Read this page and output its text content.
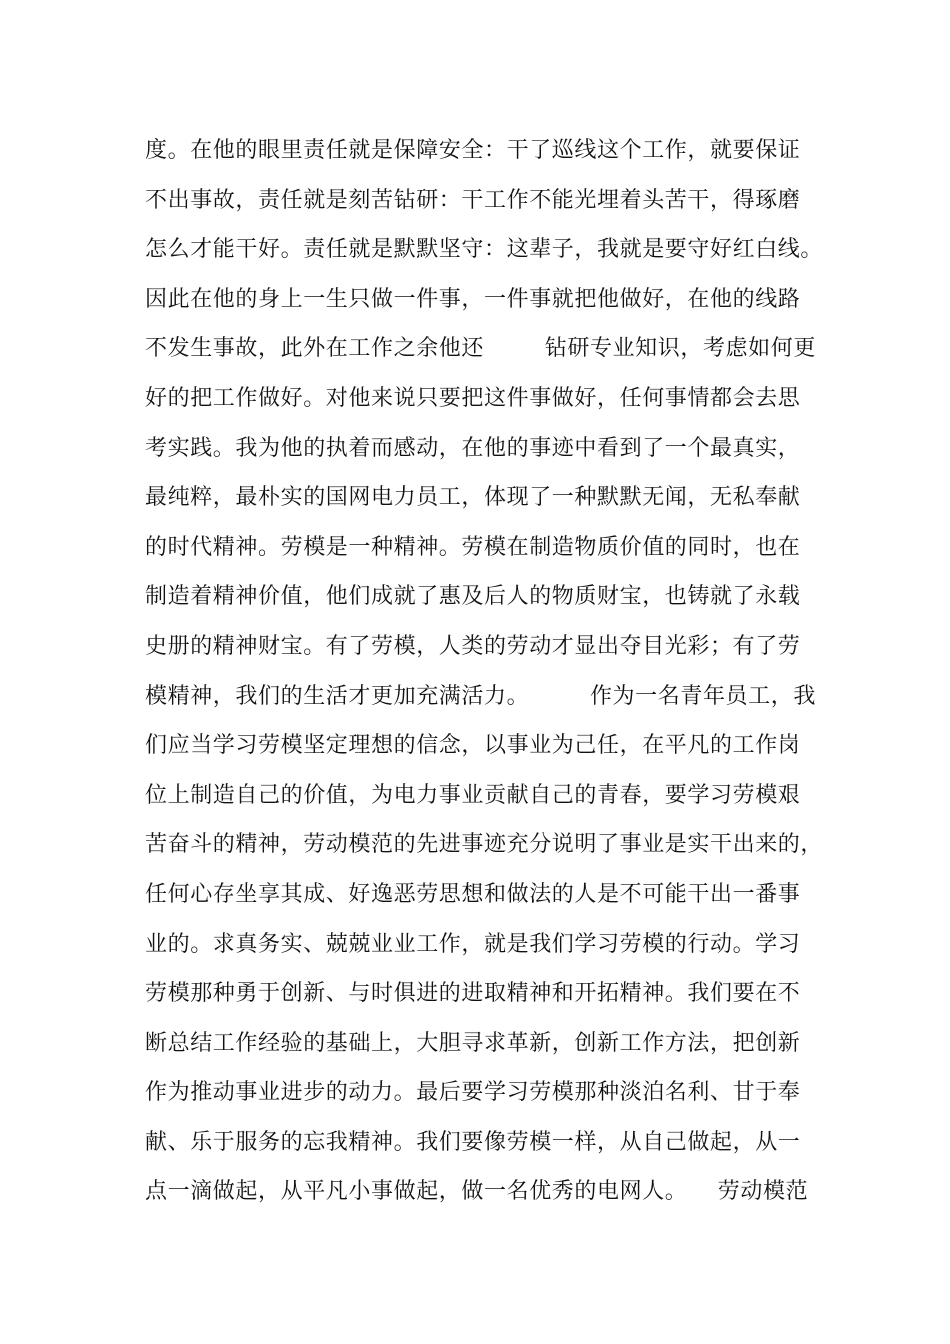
度。在他的眼里责任就是保障安全：干了巡线这个工作，就要保证
不出事故，责任就是刻苦钻研：干工作不能光埋着头苦干，得琢磨
怎么才能干好。责任就是默默坚守：这辈子，我就是要守好红白线。
因此在他的身上一生只做一件事，一件事就把他做好，在他的线路
不发生事故，此外在工作之余他还        钻研专业知识，考虑如何更
好的把工作做好。对他来说只要把这件事做好，任何事情都会去思
考实践。我为他的执着而感动，在他的事迹中看到了一个最真实，
最纯粹，最朴实的国网电力员工，体现了一种默默无闻，无私奉献
的时代精神。劳模是一种精神。劳模在制造物质价值的同时，也在
制造着精神价值，他们成就了惠及后人的物质财宝，也铸就了永载
史册的精神财宝。有了劳模，人类的劳动才显出夺目光彩；有了劳
模精神，我们的生活才更加充满活力。        作为一名青年员工，我
们应当学习劳模坚定理想的信念，以事业为己任，在平凡的工作岗
位上制造自己的价值，为电力事业贡献自己的青春，要学习劳模艰
苦奋斗的精神，劳动模范的先进事迹充分说明了事业是实干出来的，
任何心存坐享其成、好逸恶劳思想和做法的人是不可能干出一番事
业的。求真务实、兢兢业业工作，就是我们学习劳模的行动。学习
劳模那种勇于创新、与时俱进的进取精神和开拓精神。我们要在不
断总结工作经验的基础上，大胆寻求革新，创新工作方法，把创新
作为推动事业进步的动力。最后要学习劳模那种淡泊名利、甘于奉
献、乐于服务的忘我精神。我们要像劳模一样，从自己做起，从一
点一滴做起，从平凡小事做起，做一名优秀的电网人。    劳动模范
